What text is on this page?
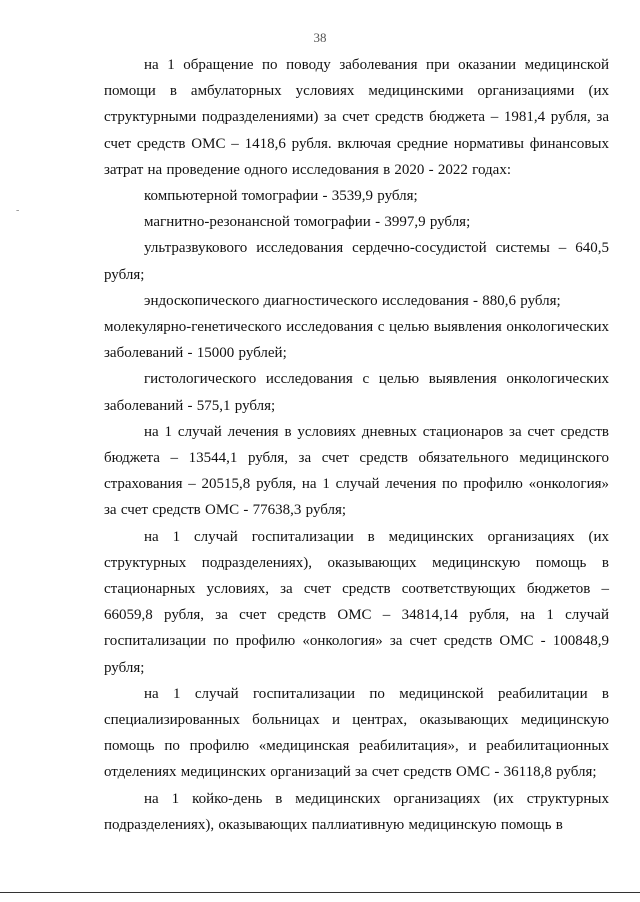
38
-

на 1 обращение по поводу заболевания при оказании медицинской помощи в амбулаторных условиях медицинскими организациями (их структурными подразделениями) за счет средств бюджета – 1981,4 рубля, за счет средств ОМС – 1418,6 рубля. включая средние нормативы финансовых затрат на проведение одного исследования в 2020 - 2022 годах:

компьютерной томографии - 3539,9 рубля;

магнитно-резонансной томографии - 3997,9 рубля;

ультразвукового исследования сердечно-сосудистой системы – 640,5 рубля;

эндоскопического диагностического исследования - 880,6 рубля;

молекулярно-генетического исследования с целью выявления онкологических заболеваний - 15000 рублей;

гистологического исследования с целью выявления онкологических заболеваний - 575,1 рубля;

на 1 случай лечения в условиях дневных стационаров за счет средств бюджета – 13544,1 рубля, за счет средств обязательного медицинского страхования – 20515,8 рубля, на 1 случай лечения по профилю «онкология» за счет средств ОМС - 77638,3 рубля;

на 1 случай госпитализации в медицинских организациях (их структурных подразделениях), оказывающих медицинскую помощь в стационарных условиях, за счет средств соответствующих бюджетов – 66059,8 рубля, за счет средств ОМС – 34814,14 рубля, на 1 случай госпитализации по профилю «онкология» за счет средств ОМС - 100848,9 рубля;

на 1 случай госпитализации по медицинской реабилитации в специализированных больницах и центрах, оказывающих медицинскую помощь по профилю «медицинская реабилитация», и реабилитационных отделениях медицинских организаций за счет средств ОМС - 36118,8 рубля;

на 1 койко-день в медицинских организациях (их структурных подразделениях), оказывающих паллиативную медицинскую помощь в
